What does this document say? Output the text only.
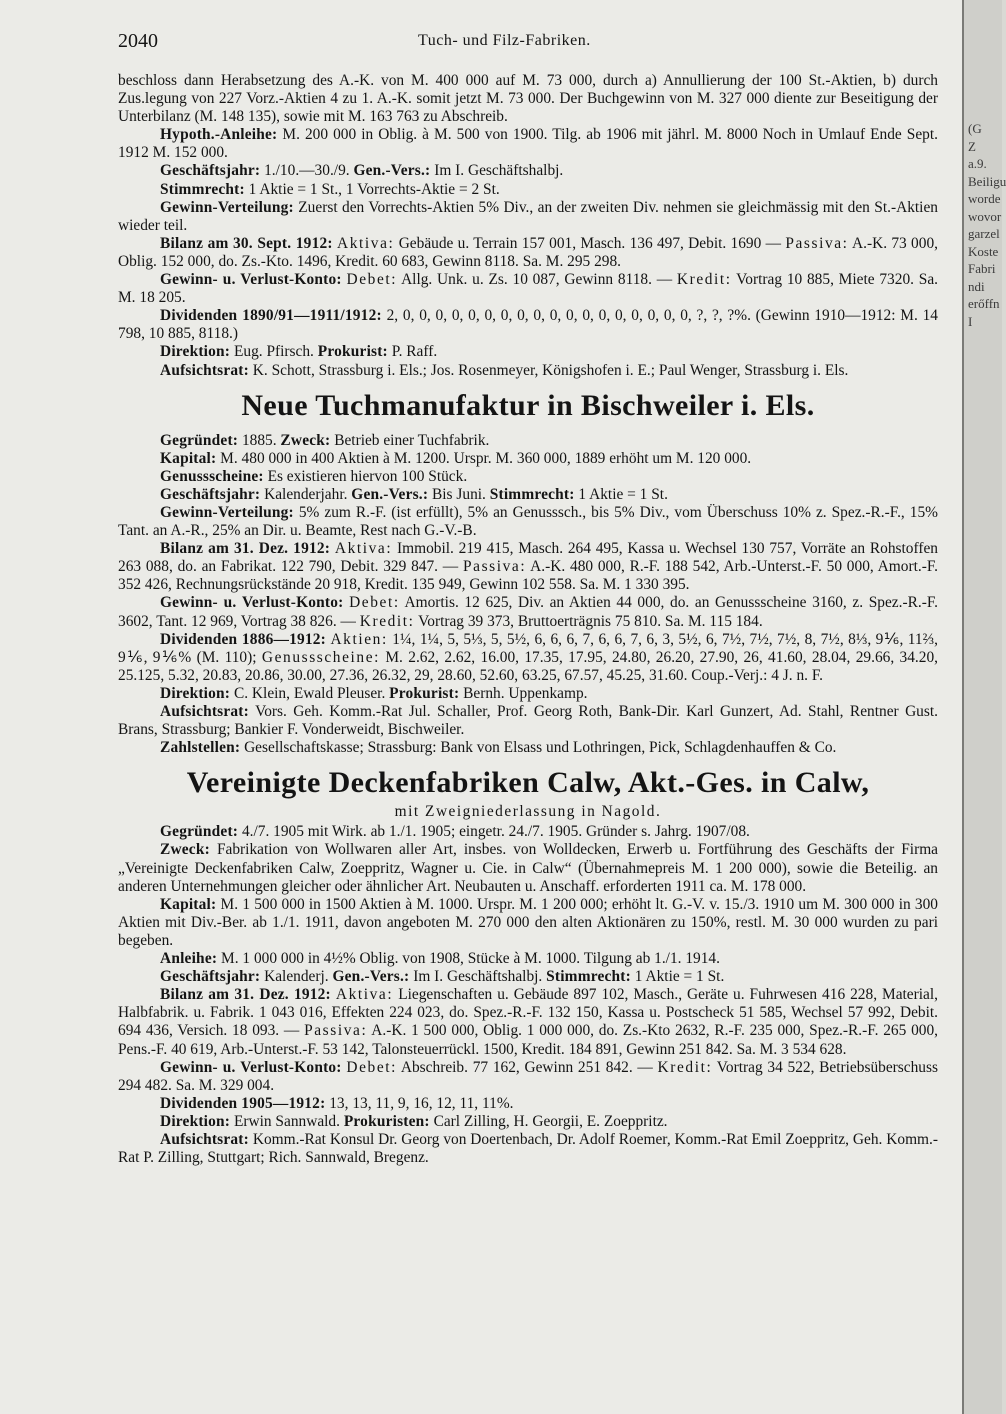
2040	Tuch- und Filz-Fabriken.

beschloss dann Herabsetzung des A.-K. von M. 400 000 auf M. 73 000, durch a) Annullierung der 100 St.-Aktien, b) durch Zus.legung von 227 Vorz.-Aktien 4 zu 1. A.-K. somit jetzt M. 73 000. Der Buchgewinn von M. 327 000 diente zur Beseitigung der Unterbilanz (M. 148 135), sowie mit M. 163 763 zu Abschreib.

Hypoth.-Anleihe: M. 200 000 in Oblig. à M. 500 von 1900. Tilg. ab 1906 mit jährl. M. 8000 Noch in Umlauf Ende Sept. 1912 M. 152 000.

Geschäftsjahr: 1./10.—30./9. Gen.-Vers.: Im I. Geschäftshalbj.

Stimmrecht: 1 Aktie = 1 St., 1 Vorrechts-Aktie = 2 St.

Gewinn-Verteilung: Zuerst den Vorrechts-Aktien 5% Div., an der zweiten Div. nehmen sie gleichmässig mit den St.-Aktien wieder teil.

Bilanz am 30. Sept. 1912: Aktiva: Gebäude u. Terrain 157 001, Masch. 136 497, Debit. 1690 — Passiva: A.-K. 73 000, Oblig. 152 000, do. Zs.-Kto. 1496, Kredit. 60 683, Gewinn 8118. Sa. M. 295 298.

Gewinn- u. Verlust-Konto: Debet: Allg. Unk. u. Zs. 10 087, Gewinn 8118. — Kredit: Vortrag 10 885, Miete 7320. Sa. M. 18 205.

Dividenden 1890/91—1911/1912: 2, 0, 0, 0, 0, 0, 0, 0, 0, 0, 0, 0, 0, 0, 0, 0, 0, 0, 0, ?, ?, ?%. (Gewinn 1910—1912: M. 14 798, 10 885, 8118.)

Direktion: Eug. Pfirsch. Prokurist: P. Raff.

Aufsichtsrat: K. Schott, Strassburg i. Els.; Jos. Rosenmeyer, Königshofen i. E.; Paul Wenger, Strassburg i. Els.

Neue Tuchmanufaktur in Bischweiler i. Els.

Gegründet: 1885. Zweck: Betrieb einer Tuchfabrik.

Kapital: M. 480 000 in 400 Aktien à M. 1200. Urspr. M. 360 000, 1889 erhöht um M. 120 000.

Genussscheine: Es existieren hiervon 100 Stück.

Geschäftsjahr: Kalenderjahr. Gen.-Vers.: Bis Juni. Stimmrecht: 1 Aktie = 1 St.

Gewinn-Verteilung: 5% zum R.-F. (ist erfüllt), 5% an Genusssch., bis 5% Div., vom Überschuss 10% z. Spez.-R.-F., 15% Tant. an A.-R., 25% an Dir. u. Beamte, Rest nach G.-V.-B.

Bilanz am 31. Dez. 1912: Aktiva: Immobil. 219 415, Masch. 264 495, Kassa u. Wechsel 130 757, Vorräte an Rohstoffen 263 088, do. an Fabrikat. 122 790, Debit. 329 847. — Passiva: A.-K. 480 000, R.-F. 188 542, Arb.-Unterst.-F. 50 000, Amort.-F. 352 426, Rechnungsrückstände 20 918, Kredit. 135 949, Gewinn 102 558. Sa. M. 1 330 395.

Gewinn- u. Verlust-Konto: Debet: Amortis. 12 625, Div. an Aktien 44 000, do. an Genussscheine 3160, z. Spez.-R.-F. 3602, Tant. 12 969, Vortrag 38 826. — Kredit: Vortrag 39 373, Bruttoerträgnis 75 810. Sa. M. 115 184.

Dividenden 1886—1912: Aktien: 1¼, 1¼, 5, 5⅓, 5, 5½, 6, 6, 6, 7, 6, 6, 7, 6, 3, 5½, 6, 7½, 7½, 7½, 8, 7½, 8⅓, 9⅙, 11⅔, 9⅙, 9⅙% (M. 110); Genussscheine: M. 2.62, 2.62, 16.00, 17.35, 17.95, 24.80, 26.20, 27.90, 26, 41.60, 28.04, 29.66, 34.20, 25.125, 5.32, 20.83, 20.86, 30.00, 27.36, 26.32, 29, 28.60, 52.60, 63.25, 67.57, 45.25, 31.60. Coup.-Verj.: 4 J. n. F.

Direktion: C. Klein, Ewald Pleuser. Prokurist: Bernh. Uppenkamp.

Aufsichtsrat: Vors. Geh. Komm.-Rat Jul. Schaller, Prof. Georg Roth, Bank-Dir. Karl Gunzert, Ad. Stahl, Rentner Gust. Brans, Strassburg; Bankier F. Vonderweidt, Bischweiler.

Zahlstellen: Gesellschaftskasse; Strassburg: Bank von Elsass und Lothringen, Pick, Schlagdenhauffen & Co.

Vereinigte Deckenfabriken Calw, Akt.-Ges. in Calw,

mit Zweigniederlassung in Nagold.

Gegründet: 4./7. 1905 mit Wirk. ab 1./1. 1905; eingetr. 24./7. 1905. Gründer s. Jahrg. 1907/08.

Zweck: Fabrikation von Wollwaren aller Art, insbes. von Wolldecken, Erwerb u. Fortführung des Geschäfts der Firma „Vereinigte Deckenfabriken Calw, Zoeppritz, Wagner u. Cie. in Calw“ (Übernahmepreis M. 1 200 000), sowie die Beteilig. an anderen Unternehmungen gleicher oder ähnlicher Art. Neubauten u. Anschaff. erforderten 1911 ca. M. 178 000.

Kapital: M. 1 500 000 in 1500 Aktien à M. 1000. Urspr. M. 1 200 000; erhöht lt. G.-V. v. 15./3. 1910 um M. 300 000 in 300 Aktien mit Div.-Ber. ab 1./1. 1911, davon angeboten M. 270 000 den alten Aktionären zu 150%, restl. M. 30 000 wurden zu pari begeben.

Anleihe: M. 1 000 000 in 4½% Oblig. von 1908, Stücke à M. 1000. Tilgung ab 1./1. 1914.

Geschäftsjahr: Kalenderj. Gen.-Vers.: Im I. Geschäftshalbj. Stimmrecht: 1 Aktie = 1 St.

Bilanz am 31. Dez. 1912: Aktiva: Liegenschaften u. Gebäude 897 102, Masch., Geräte u. Fuhrwesen 416 228, Material, Halbfabrik. u. Fabrik. 1 043 016, Effekten 224 023, do. Spez.-R.-F. 132 150, Kassa u. Postscheck 51 585, Wechsel 57 992, Debit. 694 436, Versich. 18 093. — Passiva: A.-K. 1 500 000, Oblig. 1 000 000, do. Zs.-Kto 2632, R.-F. 235 000, Spez.-R.-F. 265 000, Pens.-F. 40 619, Arb.-Unterst.-F. 53 142, Talonsteuerrückl. 1500, Kredit. 184 891, Gewinn 251 842. Sa. M. 3 534 628.

Gewinn- u. Verlust-Konto: Debet: Abschreib. 77 162, Gewinn 251 842. — Kredit: Vortrag 34 522, Betriebsüberschuss 294 482. Sa. M. 329 004.

Dividenden 1905—1912: 13, 13, 11, 9, 16, 12, 11, 11%.

Direktion: Erwin Sannwald. Prokuristen: Carl Zilling, H. Georgii, E. Zoeppritz.

Aufsichtsrat: Komm.-Rat Konsul Dr. Georg von Doertenbach, Dr. Adolf Roemer, Komm.-Rat Emil Zoeppritz, Geh. Komm.-Rat P. Zilling, Stuttgart; Rich. Sannwald, Bregenz.

(G
Z
a.9.
Beiligu
worde
wovor
garzel
Koste
Fabri
ndi
erőffn
I
